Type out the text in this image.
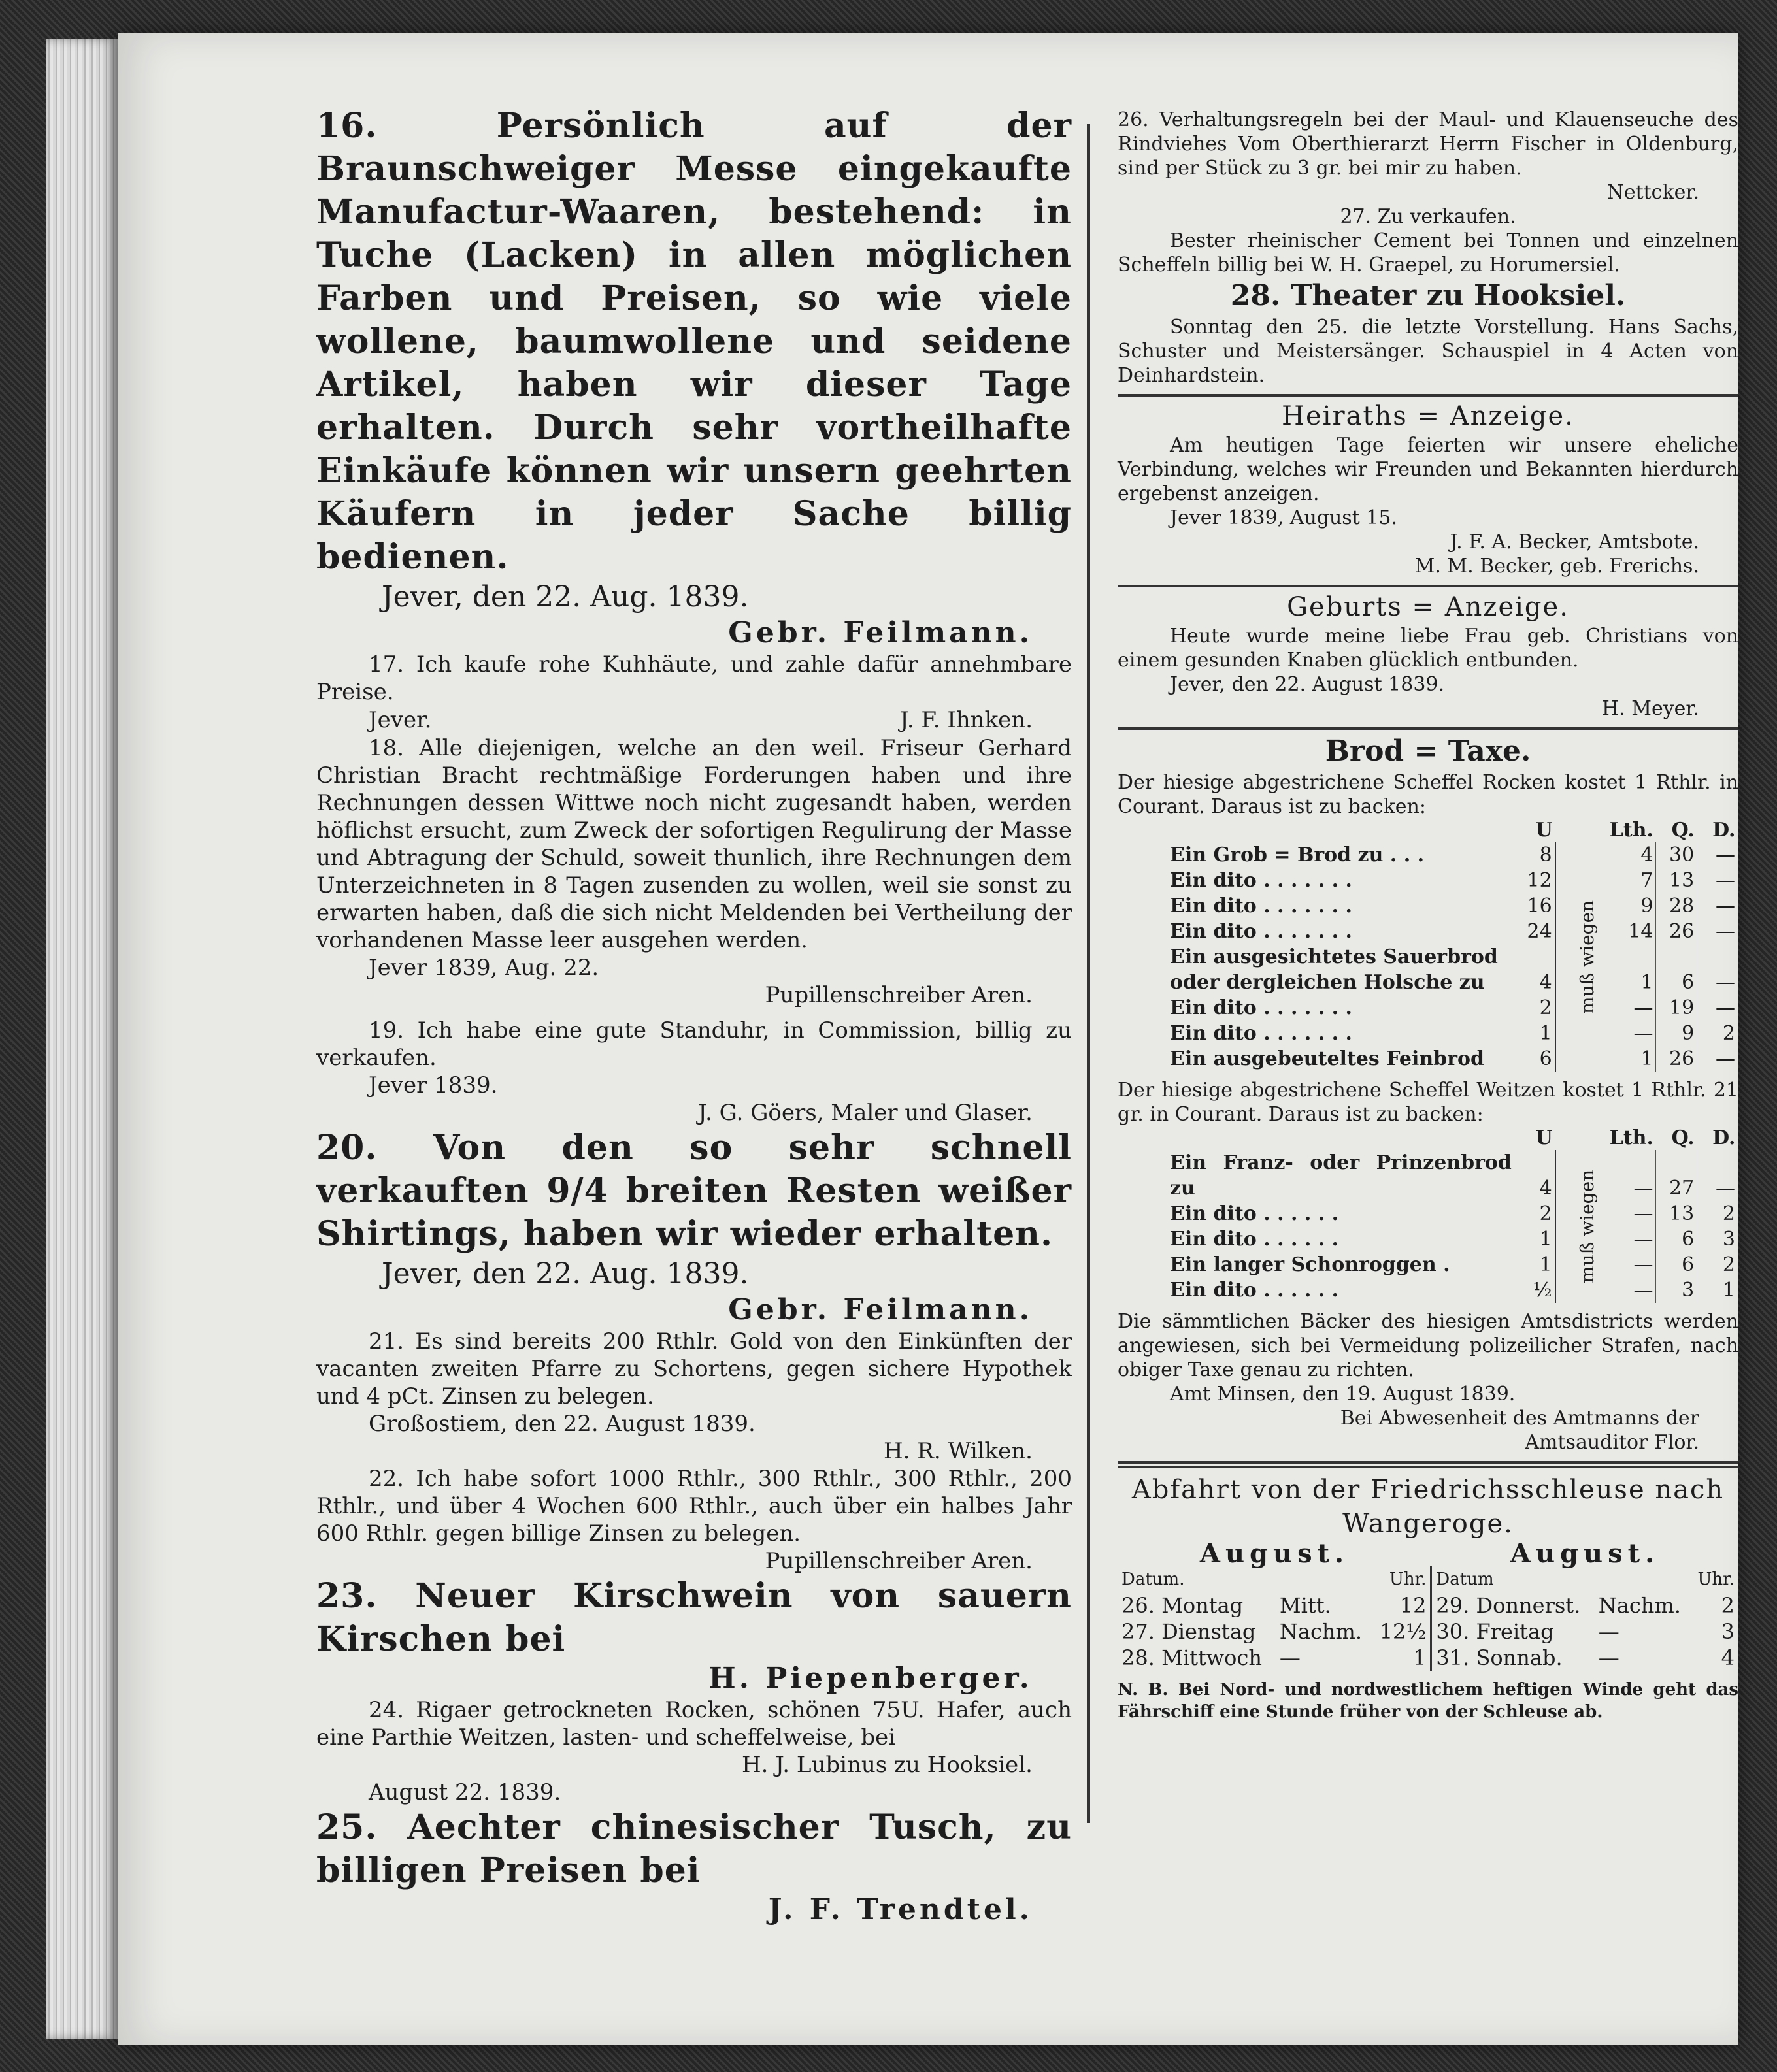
16. Persönlich auf der Braunschweiger Messe eingekaufte Manufactur-Waaren, bestehend: in Tuche (Lacken) in allen möglichen Farben und Preisen, so wie viele wollene, baumwollene und seidene Artikel, haben wir dieser Tage erhalten. Durch sehr vortheilhafte Einkäufe können wir unsern geehrten Käufern in jeder Sache billig bedienen.

Jever, den 22. Aug. 1839.

Gebr. Feilmann.

17. Ich kaufe rohe Kuhhäute, und zahle dafür annehmbare Preise.

Jever.	J. F. Ihnken.

18. Alle diejenigen, welche an den weil. Friseur Gerhard Christian Bracht rechtmäßige Forderungen haben und ihre Rechnungen dessen Wittwe noch nicht zugesandt haben, werden höflichst ersucht, zum Zweck der sofortigen Regulirung der Masse und Abtragung der Schuld, soweit thunlich, ihre Rechnungen dem Unterzeichneten in 8 Tagen zusenden zu wollen, weil sie sonst zu erwarten haben, daß die sich nicht Meldenden bei Vertheilung der vorhandenen Masse leer ausgehen werden.

Jever 1839, Aug. 22.

Pupillenschreiber Aren.

19. Ich habe eine gute Standuhr, in Commission, billig zu verkaufen.

Jever 1839.

J. G. Göers, Maler und Glaser.

20. Von den so sehr schnell verkauften 9/4 breiten Resten weißer Shirtings, haben wir wieder erhalten.

Jever, den 22. Aug. 1839.

Gebr. Feilmann.

21. Es sind bereits 200 Rthlr. Gold von den Einkünften der vacanten zweiten Pfarre zu Schortens, gegen sichere Hypothek und 4 pCt. Zinsen zu belegen.

Großostiem, den 22. August 1839.

H. R. Wilken.

22. Ich habe sofort 1000 Rthlr., 300 Rthlr., 300 Rthlr., 200 Rthlr., und über 4 Wochen 600 Rthlr., auch über ein halbes Jahr 600 Rthlr. gegen billige Zinsen zu belegen.

Pupillenschreiber Aren.

23. Neuer Kirschwein von sauern Kirschen bei

H. Piepenberger.

24. Rigaer getrockneten Rocken, schönen 75U. Hafer, auch eine Parthie Weitzen, lasten- und scheffelweise, bei

H. J. Lubinus zu Hooksiel.

August 22. 1839.

25. Aechter chinesischer Tusch, zu billigen Preisen bei

J. F. Trendtel.

26. Verhaltungsregeln bei der Maul- und Klauenseuche des Rindviehes Vom Oberthierarzt Herrn Fischer in Oldenburg, sind per Stück zu 3 gr. bei mir zu haben.

Nettcker.

27. Zu verkaufen.

Bester rheinischer Cement bei Tonnen und einzelnen Scheffeln billig bei W. H. Graepel, zu Horumersiel.

28. Theater zu Hooksiel.

Sonntag den 25. die letzte Vorstellung. Hans Sachs, Schuster und Meistersänger. Schauspiel in 4 Acten von Deinhardstein.

Heiraths = Anzeige.

Am heutigen Tage feierten wir unsere eheliche Verbindung, welches wir Freunden und Bekannten hierdurch ergebenst anzeigen.

Jever 1839, August 15.

J. F. A. Becker, Amtsbote.

M. M. Becker, geb. Frerichs.

Geburts = Anzeige.

Heute wurde meine liebe Frau geb. Christians von einem gesunden Knaben glücklich entbunden.

Jever, den 22. August 1839.

H. Meyer.

Brod = Taxe.

Der hiesige abgestrichene Scheffel Rocken kostet 1 Rthlr. in Courant. Daraus ist zu backen:

	U		Lth.	Q.	D.
Ein Grob = Brod zu . . .	8	muß wiegen	4	30	—
Ein dito . . . . . . .	12		7	13	—
Ein dito . . . . . . .	16		9	28	—
Ein dito . . . . . . .	24		14	26	—
Ein ausgesichtetes Sauerbrod					
oder dergleichen Holsche zu	4		1	6	—
Ein dito . . . . . . .	2		—	19	—
Ein dito . . . . . . .	1		—	9	2
Ein ausgebeuteltes Feinbrod	6		1	26	—

Der hiesige abgestrichene Scheffel Weitzen kostet 1 Rthlr. 21 gr. in Courant. Daraus ist zu backen:

	U		Lth.	Q.	D.
Ein Franz- oder Prinzenbrod zu	4	muß wiegen	—	27	—
Ein dito . . . . . .	2		—	13	2
Ein dito . . . . . .	1		—	6	3
Ein langer Schonroggen .	1		—	6	2
Ein dito . . . . . .	½		—	3	1

Die sämmtlichen Bäcker des hiesigen Amtsdistricts werden angewiesen, sich bei Vermeidung polizeilicher Strafen, nach obiger Taxe genau zu richten.

Amt Minsen, den 19. August 1839.

Bei Abwesenheit des Amtmanns der

Amtsauditor Flor.

Abfahrt von der Friedrichsschleuse nach

Wangeroge.

August.			August.		
Datum.		Uhr.	Datum		Uhr.
26. Montag	Mitt.	12	29. Donnerst.	Nachm.	2
27. Dienstag	Nachm.	12½	30. Freitag	—	3
28. Mittwoch	—	1	31. Sonnab.	—	4

N. B. Bei Nord- und nordwestlichem heftigen Winde geht das Fährschiff eine Stunde früher von der Schleuse ab.
